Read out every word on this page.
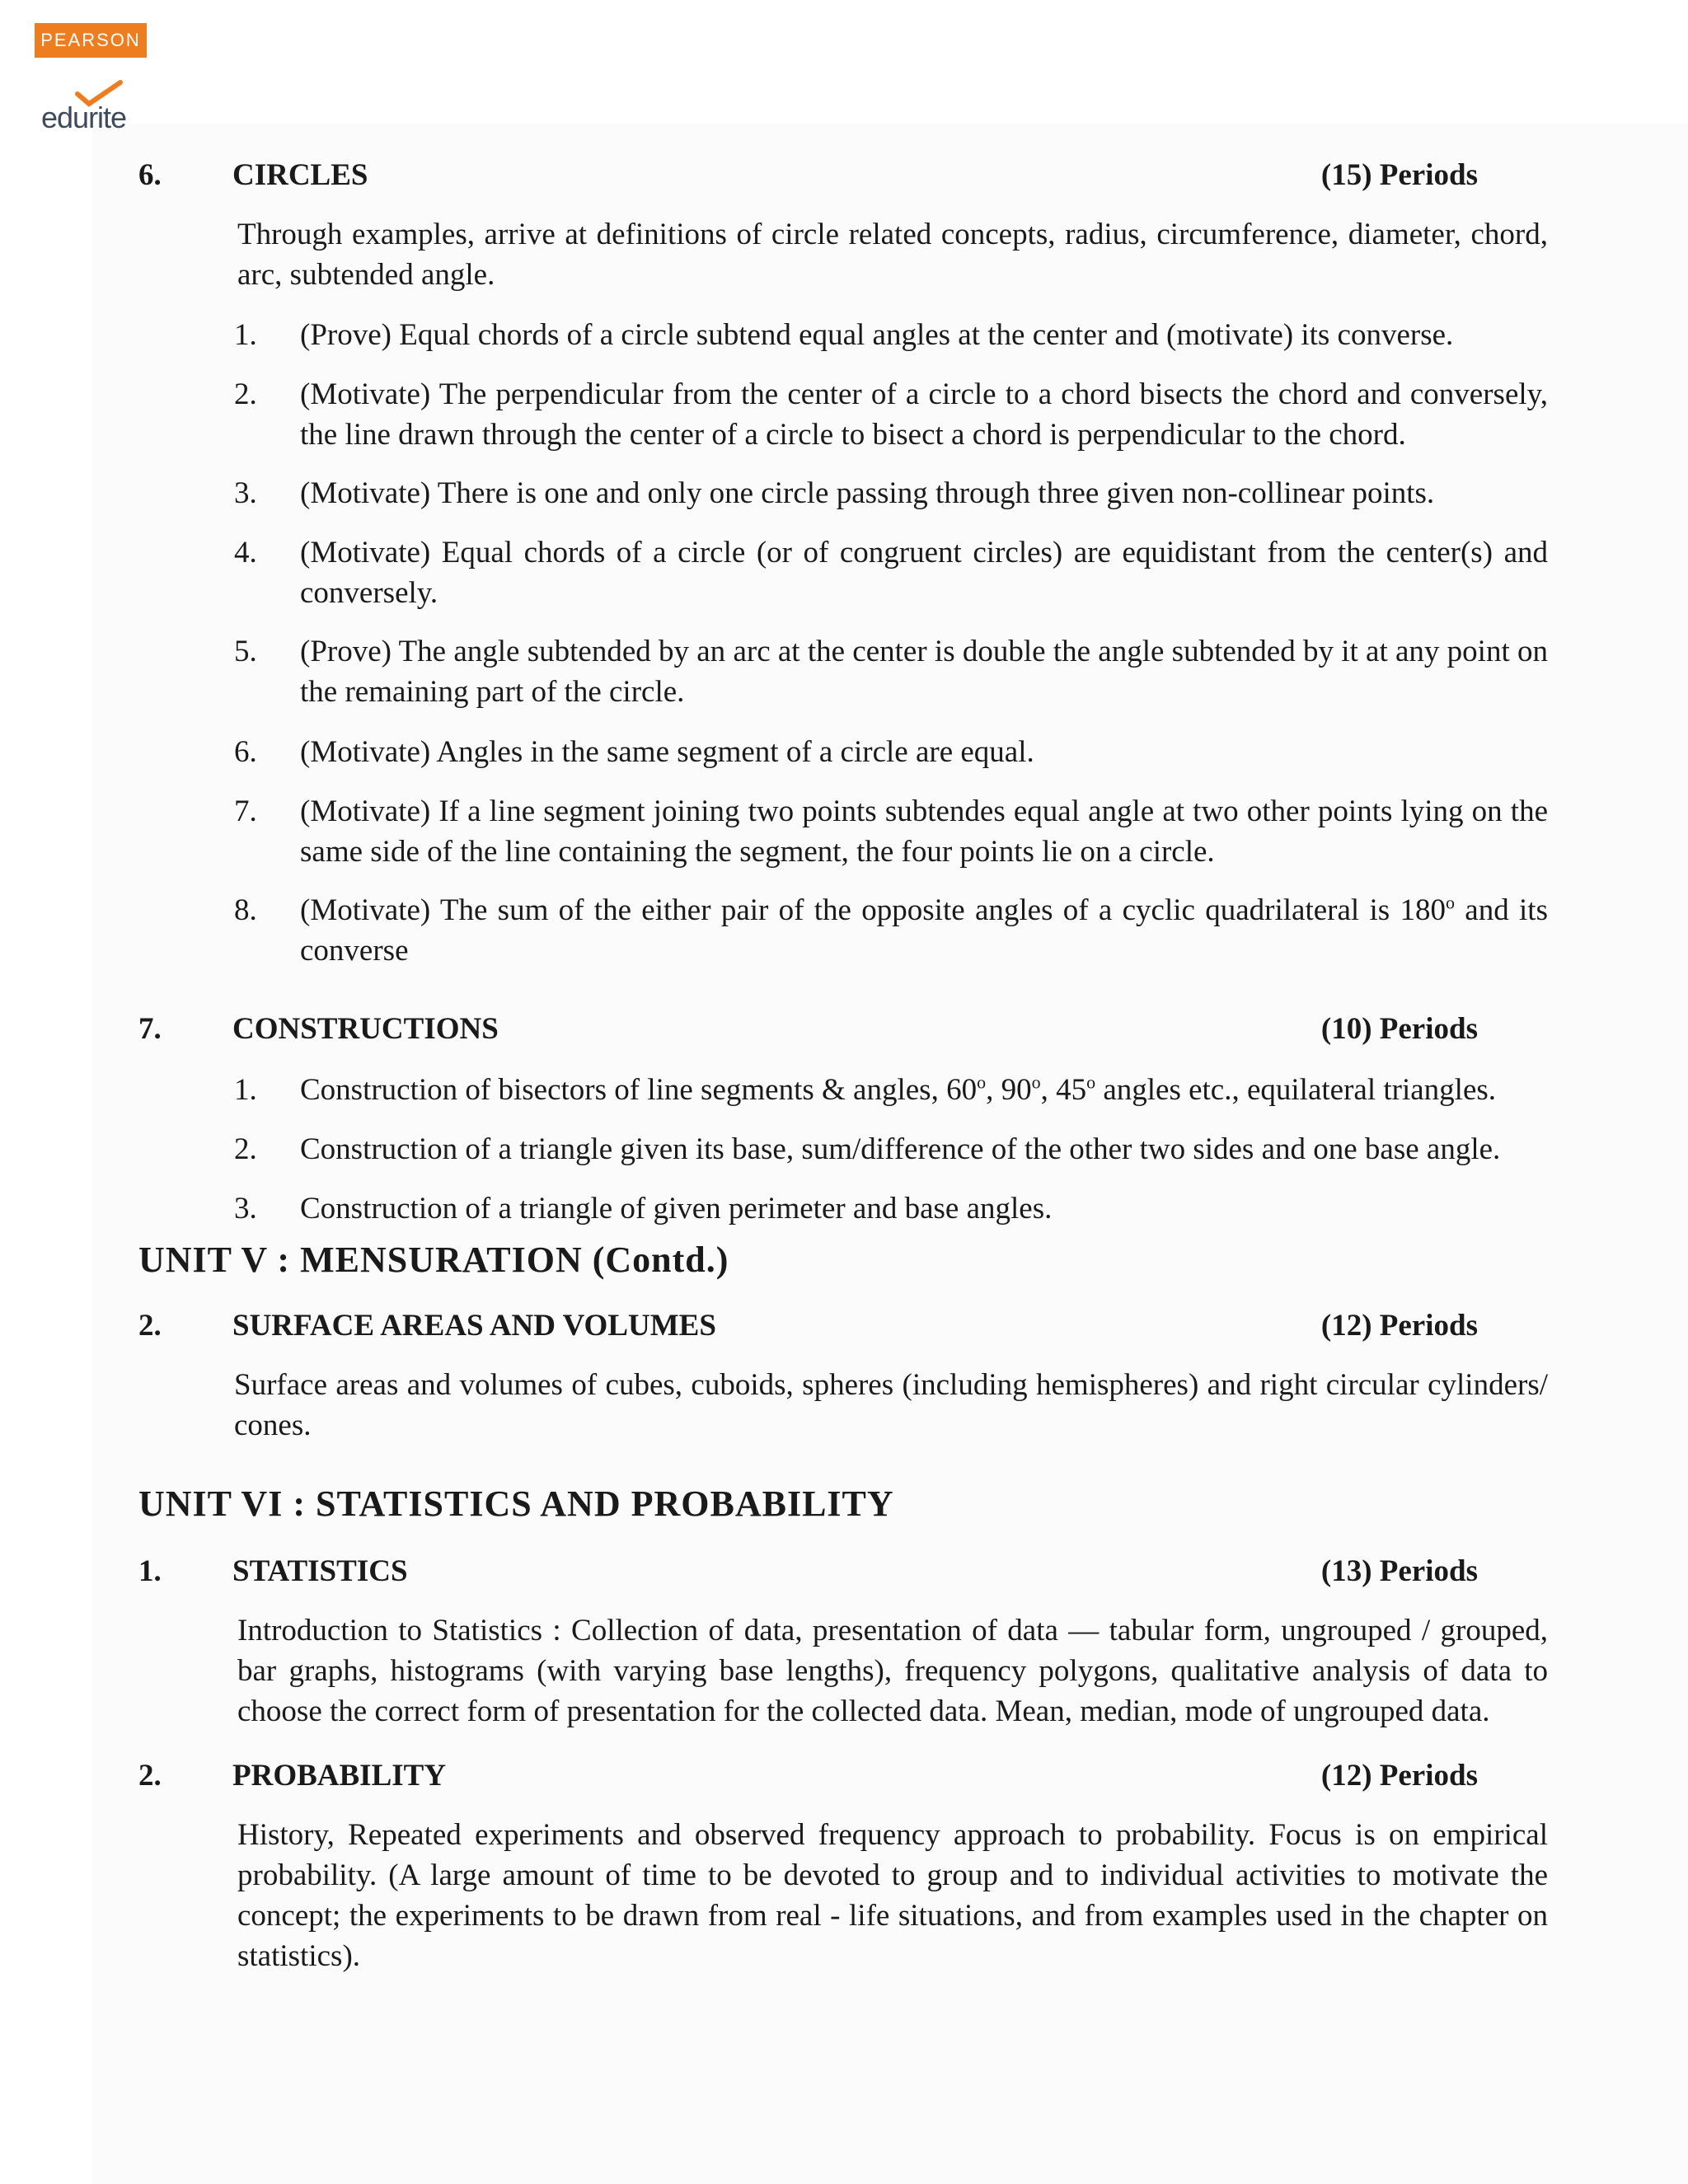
PEARSON
edurite
6. CIRCLES	(15) Periods
Through examples, arrive at definitions of circle related concepts, radius, circumference, diameter, chord, arc, subtended angle.
1. (Prove) Equal chords of a circle subtend equal angles at the center and (motivate) its converse.
2. (Motivate) The perpendicular from the center of a circle to a chord bisects the chord and conversely, the line drawn through the center of a circle to bisect a chord is perpendicular to the chord.
3. (Motivate) There is one and only one circle passing through three given non-collinear points.
4. (Motivate) Equal chords of a circle (or of congruent circles) are equidistant from the center(s) and conversely.
5. (Prove) The angle subtended by an arc at the center is double the angle subtended by it at any point on the remaining part of the circle.
6. (Motivate) Angles in the same segment of a circle are equal.
7. (Motivate) If a line segment joining two points subtendes equal angle at two other points lying on the same side of the line containing the segment, the four points lie on a circle.
8. (Motivate) The sum of the either pair of the opposite angles of a cyclic quadrilateral is 180$^o$ and its converse
7. CONSTRUCTIONS	(10) Periods
1. Construction of bisectors of line segments & angles, 60$^o$, 90$^o$, 45$^o$ angles etc., equilateral triangles.
2. Construction of a triangle given its base, sum/difference of the other two sides and one base angle.
3. Construction of a triangle of given perimeter and base angles.
UNIT V : MENSURATION (Contd.)
2. SURFACE AREAS AND VOLUMES	(12) Periods
Surface areas and volumes of cubes, cuboids, spheres (including hemispheres) and right circular cylinders/ cones.
UNIT VI : STATISTICS AND PROBABILITY
1. STATISTICS	(13) Periods
Introduction to Statistics : Collection of data, presentation of data — tabular form, ungrouped / grouped, bar graphs, histograms (with varying base lengths), frequency polygons, qualitative analysis of data to choose the correct form of presentation for the collected data. Mean, median, mode of ungrouped data.
2. PROBABILITY	(12) Periods
History, Repeated experiments and observed frequency approach to probability. Focus is on empirical probability. (A large amount of time to be devoted to group and to individual activities to motivate the concept; the experiments to be drawn from real - life situations, and from examples used in the chapter on statistics).
